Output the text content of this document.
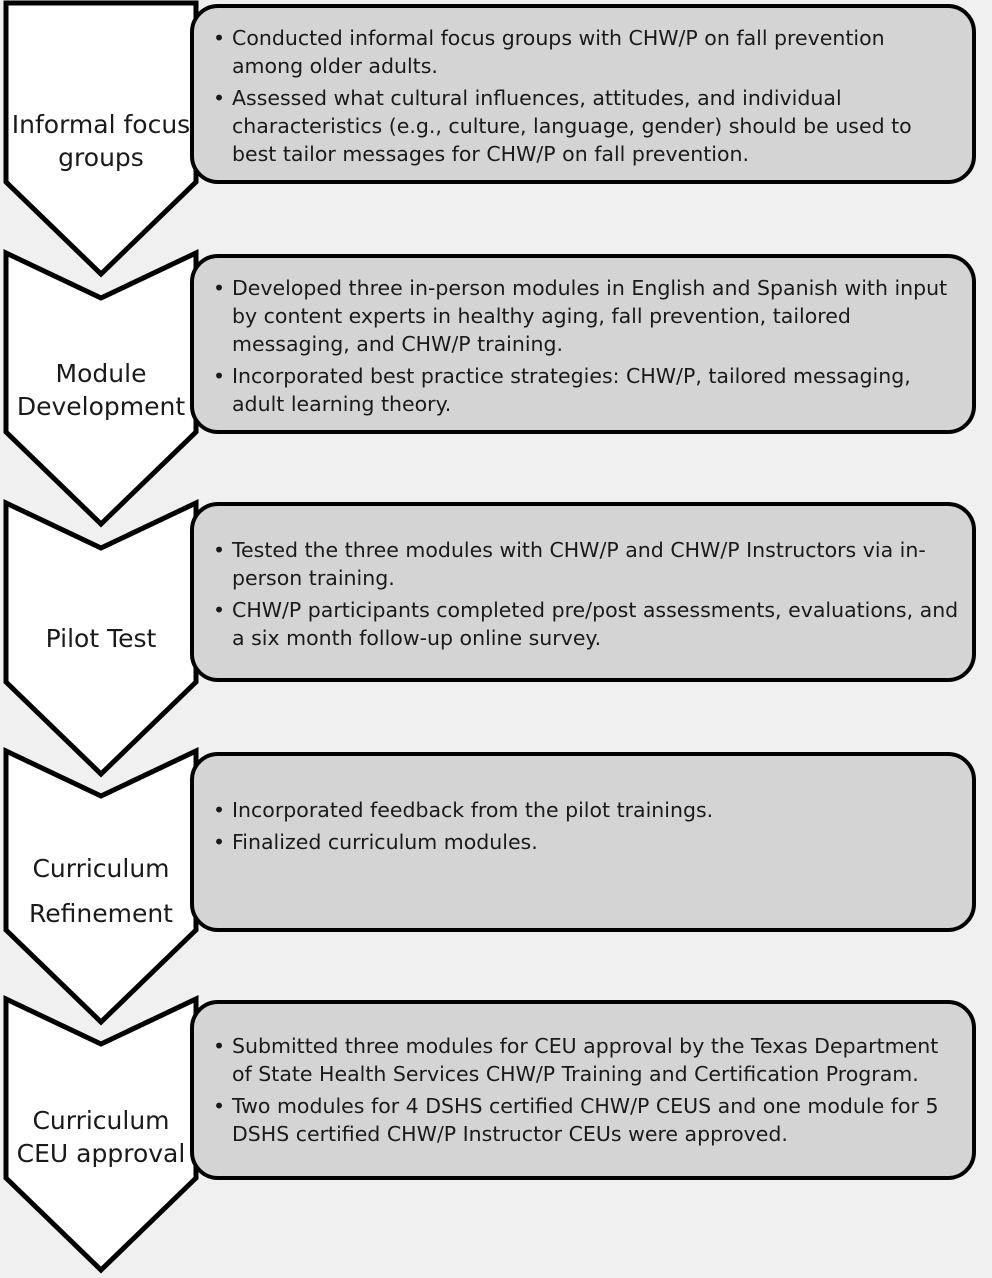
• Conducted informal focus groups with CHW/P on fall prevention among older adults.
• Assessed what cultural influences, attitudes, and individual characteristics (e.g., culture, language, gender) should be used to best tailor messages for CHW/P on fall prevention.
Informal focus
groups
• Developed three in-person modules in English and Spanish with input by content experts in healthy aging, fall prevention, tailored messaging, and CHW/P training.
• Incorporated best practice strategies: CHW/P, tailored messaging, adult learning theory.
Module
Development
• Tested the three modules with CHW/P and CHW/P Instructors via in-person training.
• CHW/P participants completed pre/post assessments, evaluations, and a six month follow-up online survey.
Pilot Test
• Incorporated feedback from the pilot trainings.
• Finalized curriculum modules.
Curriculum
Refinement
• Submitted three modules for CEU approval by the Texas Department of State Health Services CHW/P Training and Certification Program.
• Two modules for 4 DSHS certified CHW/P CEUS and one module for 5 DSHS certified CHW/P Instructor CEUs were approved.
Curriculum
CEU approval
